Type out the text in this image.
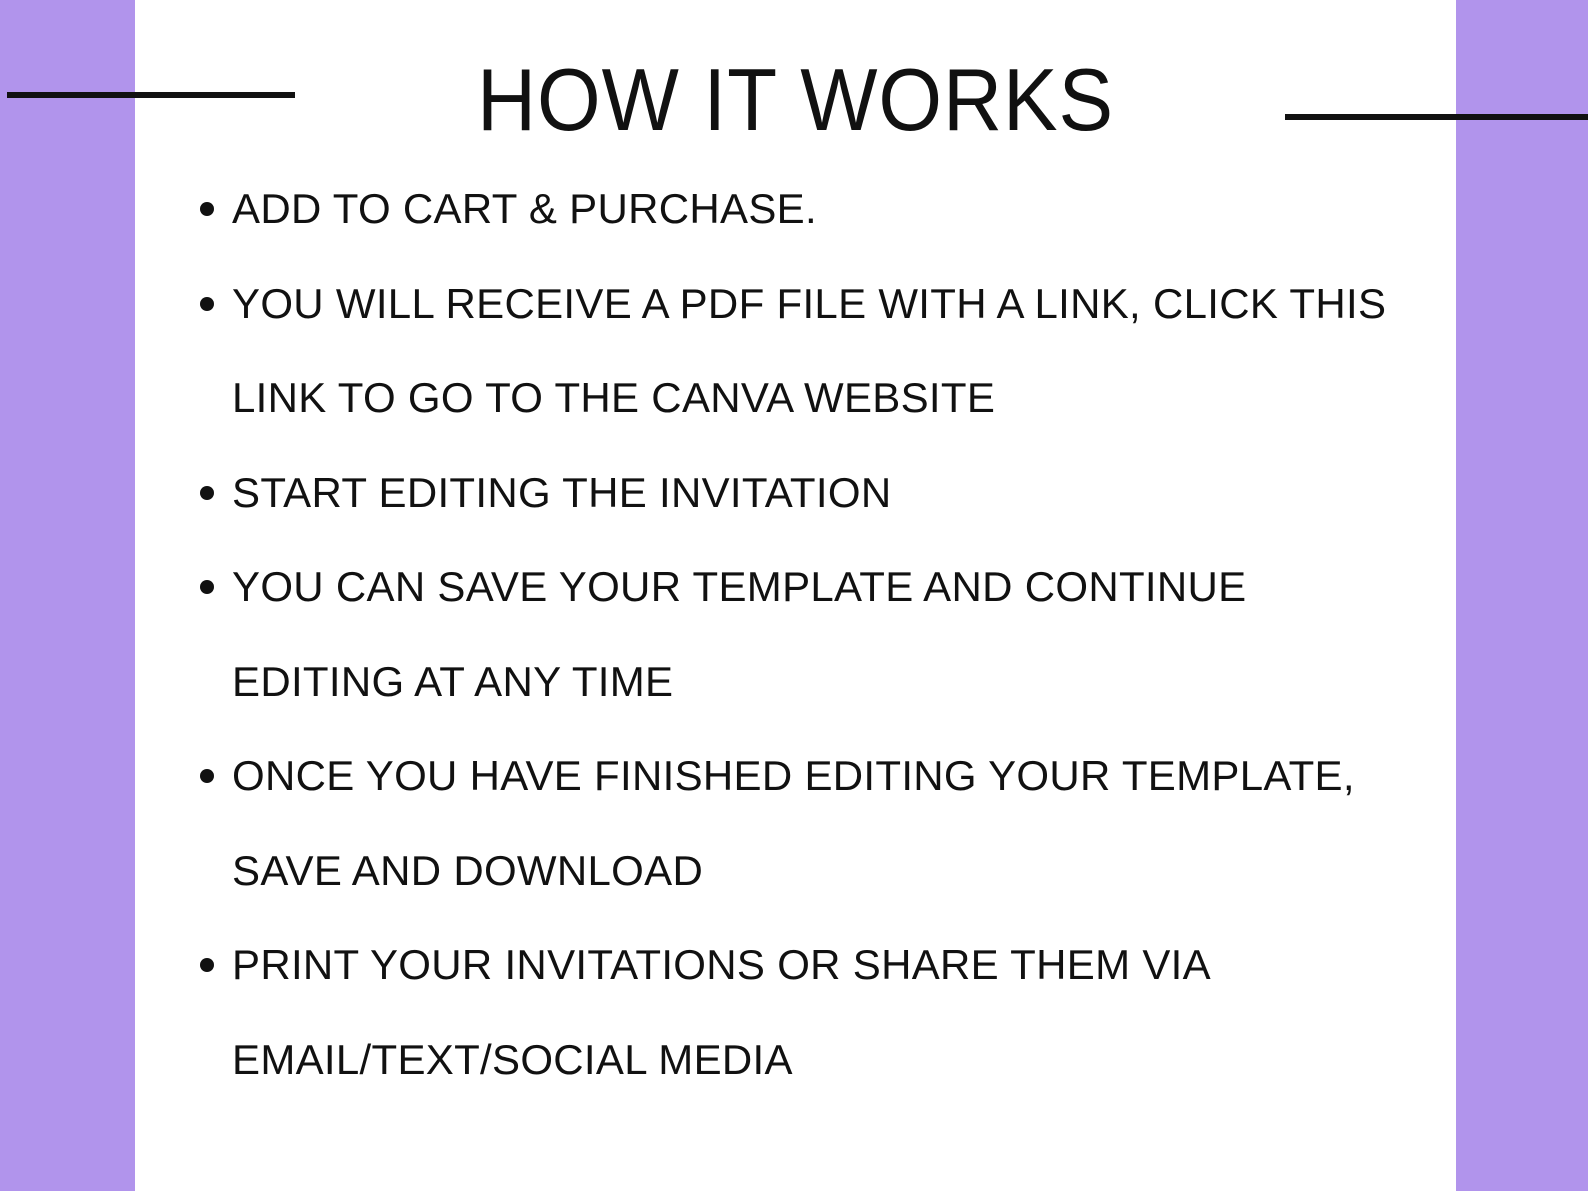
HOW IT WORKS
ADD TO CART & PURCHASE.
YOU WILL RECEIVE A PDF FILE WITH A LINK, CLICK THIS
LINK TO GO TO THE CANVA WEBSITE
START EDITING THE INVITATION
YOU CAN SAVE YOUR TEMPLATE AND CONTINUE
EDITING AT ANY TIME
ONCE YOU HAVE FINISHED EDITING YOUR TEMPLATE,
SAVE AND DOWNLOAD
PRINT YOUR INVITATIONS OR SHARE THEM VIA
EMAIL/TEXT/SOCIAL MEDIA
